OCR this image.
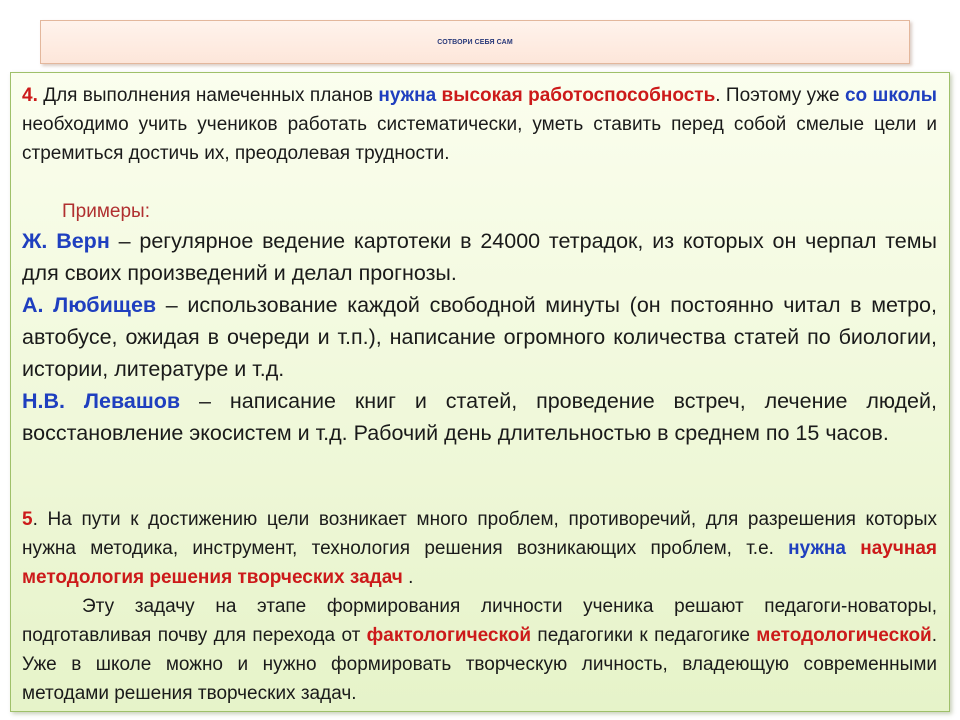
СОТВОРИ СЕБЯ САМ

4. Для выполнения намеченных планов нужна высокая работоспособность. Поэтому уже со школы необходимо учить учеников работать систематически, уметь ставить перед собой смелые цели и стремиться достичь их, преодолевая трудности.

Примеры:

Ж. Верн – регулярное ведение картотеки в 24000 тетрадок, из которых он черпал темы для своих произведений и делал прогнозы.

А. Любищев – использование каждой свободной минуты (он постоянно читал в метро, автобусе, ожидая в очереди и т.п.), написание огромного количества статей по биологии, истории, литературе и т.д.

Н.В. Левашов – написание книг и статей, проведение встреч, лечение людей, восстановление экосистем и т.д. Рабочий день длительностью в среднем по 15 часов.

5. На пути к достижению цели возникает много проблем, противоречий, для разрешения которых нужна методика, инструмент, технология решения возникающих проблем, т.е. нужна научная методология решения творческих задач .

Эту задачу на этапе формирования личности ученика решают педагоги-новаторы, подготавливая почву для перехода от фактологической педагогики к педагогике методологической. Уже в школе можно и нужно формировать творческую личность, владеющую современными методами решения творческих задач.
